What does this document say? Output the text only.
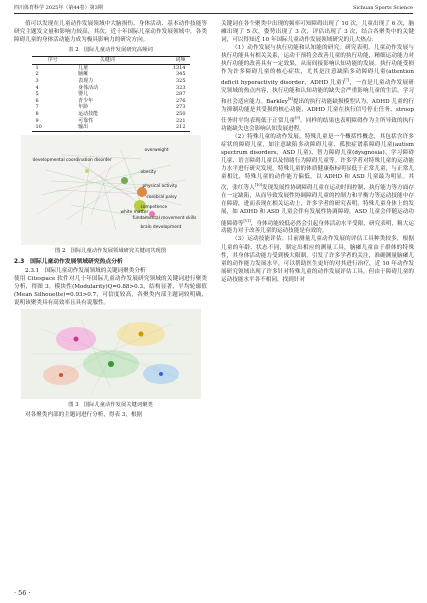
四川体育科学 2025年（第44卷）第3期	Sichuan Sports Science

值可以发现在儿童动作发展领域中大脑损伤、身体活动、基本动作技能等研究主题发文量和影响力较高，其次，近十年国际儿童动作发展领域中，各类障碍儿童的身体活动能力成为极具影响力的研究方向。

表 2　国际儿童动作发展研究高频词

序号	关键词	词频
1	儿童	1314
2	脑瘫	345
3	表现力	325
4	身体活动	323
5	婴儿	287
6	青少年	276
7	年龄	273
8	运动技能	250
9	可靠性	221
10	输出	212
overweight
developmental coordination disorder
obesity
physical activity
cerebral palsy
competence
white matter
fundamental movement skills
brain development

图 2　国际儿童动作发展领域研究关键词共现图

2.3　国际儿童动作发展领域研究热点分析

2.3.1　国际儿童动作发展领域的关键词聚类分析

使用 Citespace 软件对几十年国际儿童动作发展研究领域的关键词进行聚类分析，得图 3。模块性(Modularity)Q=0.88>0.3，结构显著，平均轮廓值(Mean Silhouette)=0.93>0.7，可信度较高，各聚类内部主题词较明确，说明该聚类具有高效率且具有说服性。

图 3　国际儿童动作发展关键词聚类

对各聚类内部的主题词进行分析，得表 3，根据

关键词在各个聚类中出现的频率可知障碍出现了 10 次，儿童出现了 6 次，脑瘫出现了 5 次，姿势出现了 3 次，评估出现了 3 次，结合各聚类中的关键词，可以得知近 10 年国际儿童动作发展领域研究的几大热点：

（1）动作发展与执行功能和认知能的研究。研究表明，儿童动作发展与执行功能具有相关关系，运动干预将会改善儿童的执行功能，精细运动能力对执行功能的改善具有一定效果，从而间接影响认知功能的发展。执行功能受损作为许多障碍儿童的核心症状，尤其是注意缺陷多动障碍儿童(attention deficit hyperactivity disorder，ADHD 儿童)[7]，一直是儿童动作发展研究领域的热点内容，执行功能和认知功能的缺失会严重影响儿童的生活、学习和社会适应能力。Barkley[8]提出的执行功能缺损模型认为，ADHD 儿童的行为抑制功能是其受损的核心功能，ADHD 儿童在执行信号停止任务、stroop 任务时平均表现低于正常儿童[9]。同样的结果也表明障碍作为主所导致的执行功能缺失也会影响认知发展进程。

（2）特殊儿童的动作发展。特殊儿童是一个概括性概念，其包括含许多症状的障碍儿童，如注意缺陷多动障碍儿童、孤独症谱系障碍儿童(autism spectrum disorders，ASD 儿童)、智力障碍儿童(dysgnosia)、学习障碍儿童、语言障碍儿童以及情绪行为障碍儿童等。许多学者对特殊儿童的运动能力水平进行研究发现，特殊儿童的体质健康指标明显低于正常儿童，与正常儿童相比，特殊儿童的动作能力偏低，以 ADHD 和 ASD 儿童最为明显。其次，张红等人[10]发现发展性协调障碍儿童在运动时间控制、执行能力等方面存在一定缺陷，从而导致发展性协调障碍儿童的控制力和平衡力等运动技能中存在障碍，进而表现在相关运动上，许多学者的研究表明，特殊儿童身体上的发展，如 ADHD 和 ASD 儿童会伴有发展性协调障碍，ASD 儿童会伴随运动功能障碍等[11]，身体功能较低必然会引起身体活动水平受限，研究表明，粗大运动能力对于改善儿童的运动技能是有效的。

（3）运动技能评估。目前测量儿童动作发展的评估工具种类较多，根据儿童的年龄、状态不同，制定出相应的测量工具，脑瘫儿童由于群体的特殊性，其身体活动能力受到极大限制，引发了许多学者的关注，准确测量脑瘫儿童的动作能力发展水平，可以帮助医生更好的对其进行治疗，近 10 年动作发展研究领域出现了许多针对特殊儿童的动作发展评估工具，但由于障碍儿童的运动技能水平各不相同，找到针对

· 56 ·
